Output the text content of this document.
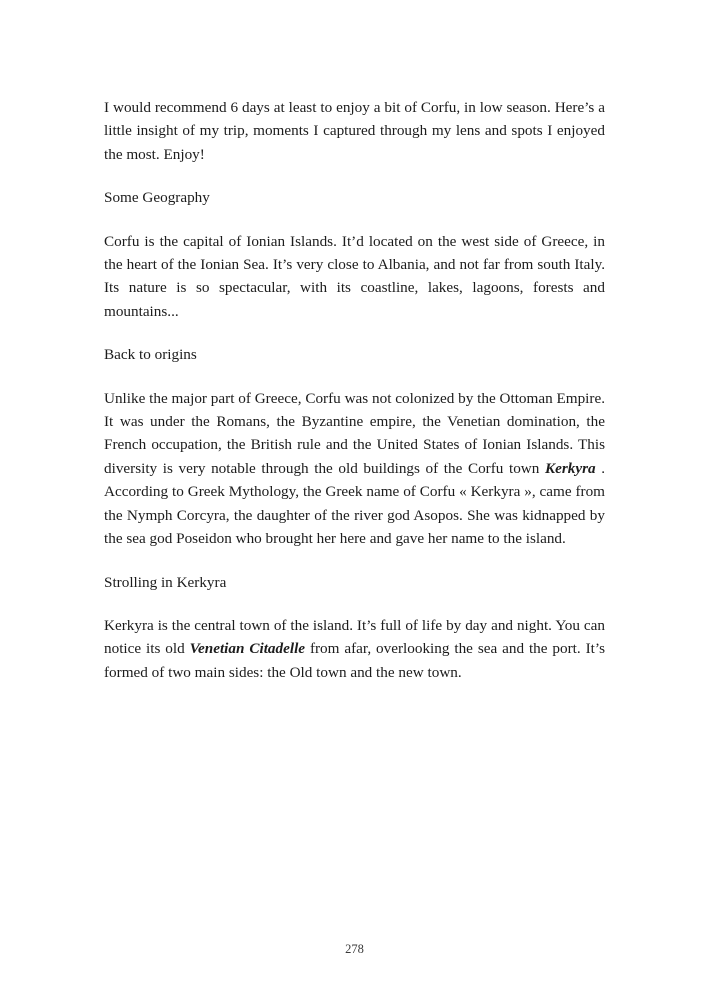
I would recommend 6 days at least to enjoy a bit of Corfu, in low season. Here’s a little insight of my trip, moments I captured through my lens and spots I enjoyed the most. Enjoy!

Some Geography

Corfu is the capital of Ionian Islands. It’d located on the west side of Greece, in the heart of the Ionian Sea. It’s very close to Albania, and not far from south Italy. Its nature is so spectacular, with its coastline, lakes, lagoons, forests and mountains...

Back to origins

Unlike the major part of Greece, Corfu was not colonized by the Ottoman Empire. It was under the Romans, the Byzantine empire, the Venetian domination, the French occupation, the British rule and the United States of Ionian Islands. This diversity is very notable through the old buildings of the Corfu town Kerkyra . According to Greek Mythology, the Greek name of Corfu « Kerkyra », came from the Nymph Corcyra, the daughter of the river god Asopos. She was kidnapped by the sea god Poseidon who brought her here and gave her name to the island.

Strolling in Kerkyra

Kerkyra is the central town of the island. It’s full of life by day and night. You can notice its old Venetian Citadelle from afar, overlooking the sea and the port. It’s formed of two main sides: the Old town and the new town.

278
